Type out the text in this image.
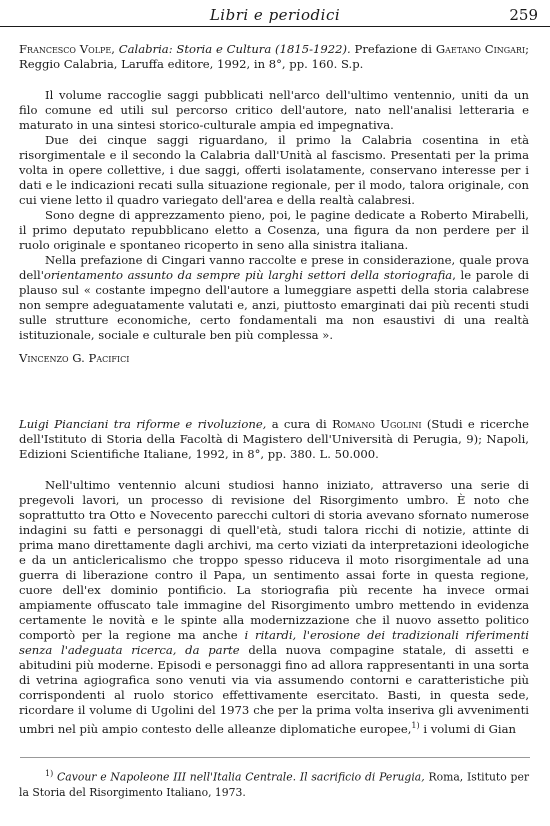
Libri e periodici	259

Francesco Volpe, Calabria: Storia e Cultura (1815-1922). Prefazione di Gaetano Cingari; Reggio Calabria, Laruffa editore, 1992, in 8°, pp. 160. S.p.

Il volume raccoglie saggi pubblicati nell'arco dell'ultimo ventennio, uniti da un filo comune ed utili sul percorso critico dell'autore, nato nell'analisi letteraria e maturato in una sintesi storico-culturale ampia ed impegnativa.

Due dei cinque saggi riguardano, il primo la Calabria cosentina in età risorgimentale e il secondo la Calabria dall'Unità al fascismo. Presentati per la prima volta in opere collettive, i due saggi, offerti isolatamente, conservano interesse per i dati e le indicazioni recati sulla situazione regionale, per il modo, talora originale, con cui viene letto il quadro variegato dell'area e della realtà calabresi.

Sono degne di apprezzamento pieno, poi, le pagine dedicate a Roberto Mirabelli, il primo deputato repubblicano eletto a Cosenza, una figura da non perdere per il ruolo originale e spontaneo ricoperto in seno alla sinistra italiana.

Nella prefazione di Cingari vanno raccolte e prese in considerazione, quale prova dell'orientamento assunto da sempre più larghi settori della storiografia, le parole di plauso sul « costante impegno dell'autore a lumeggiare aspetti della storia calabrese non sempre adeguatamente valutati e, anzi, piuttosto emarginati dai più recenti studi sulle strutture economiche, certo fondamentali ma non esaustivi di una realtà istituzionale, sociale e culturale ben più complessa ».

Vincenzo G. Pacifici

Luigi Pianciani tra riforme e rivoluzione, a cura di Romano Ugolini (Studi e ricerche dell'Istituto di Storia della Facoltà di Magistero dell'Università di Perugia, 9); Napoli, Edizioni Scientifiche Italiane, 1992, in 8°, pp. 380. L. 50.000.

Nell'ultimo ventennio alcuni studiosi hanno iniziato, attraverso una serie di pregevoli lavori, un processo di revisione del Risorgimento umbro. È noto che soprattutto tra Otto e Novecento parecchi cultori di storia avevano sfornato numerose indagini su fatti e personaggi di quell'età, studi talora ricchi di notizie, attinte di prima mano direttamente dagli archivi, ma certo viziati da interpretazioni ideologiche e da un anticlericalismo che troppo spesso riduceva il moto risorgimentale ad una guerra di liberazione contro il Papa, un sentimento assai forte in questa regione, cuore dell'ex dominio pontificio. La storiografia più recente ha invece ormai ampiamente offuscato tale immagine del Risorgimento umbro mettendo in evidenza certamente le novità e le spinte alla modernizzazione che il nuovo assetto politico comportò per la regione ma anche i ritardi, l'erosione dei tradizionali riferimenti senza l'adeguata ricerca, da parte della nuova compagine statale, di assetti e abitudini più moderne. Episodi e personaggi fino ad allora rappresentanti in una sorta di vetrina agiografica sono venuti via via assumendo contorni e caratteristiche più corrispondenti al ruolo storico effettivamente esercitato. Basti, in questa sede, ricordare il volume di Ugolini del 1973 che per la prima volta inseriva gli avvenimenti umbri nel più ampio contesto delle alleanze diplomatiche europee,$^{1)}$ i volumi di Gian

$^{1)}$ Cavour e Napoleone III nell'Italia Centrale. Il sacrificio di Perugia, Roma, Istituto per la Storia del Risorgimento Italiano, 1973.
